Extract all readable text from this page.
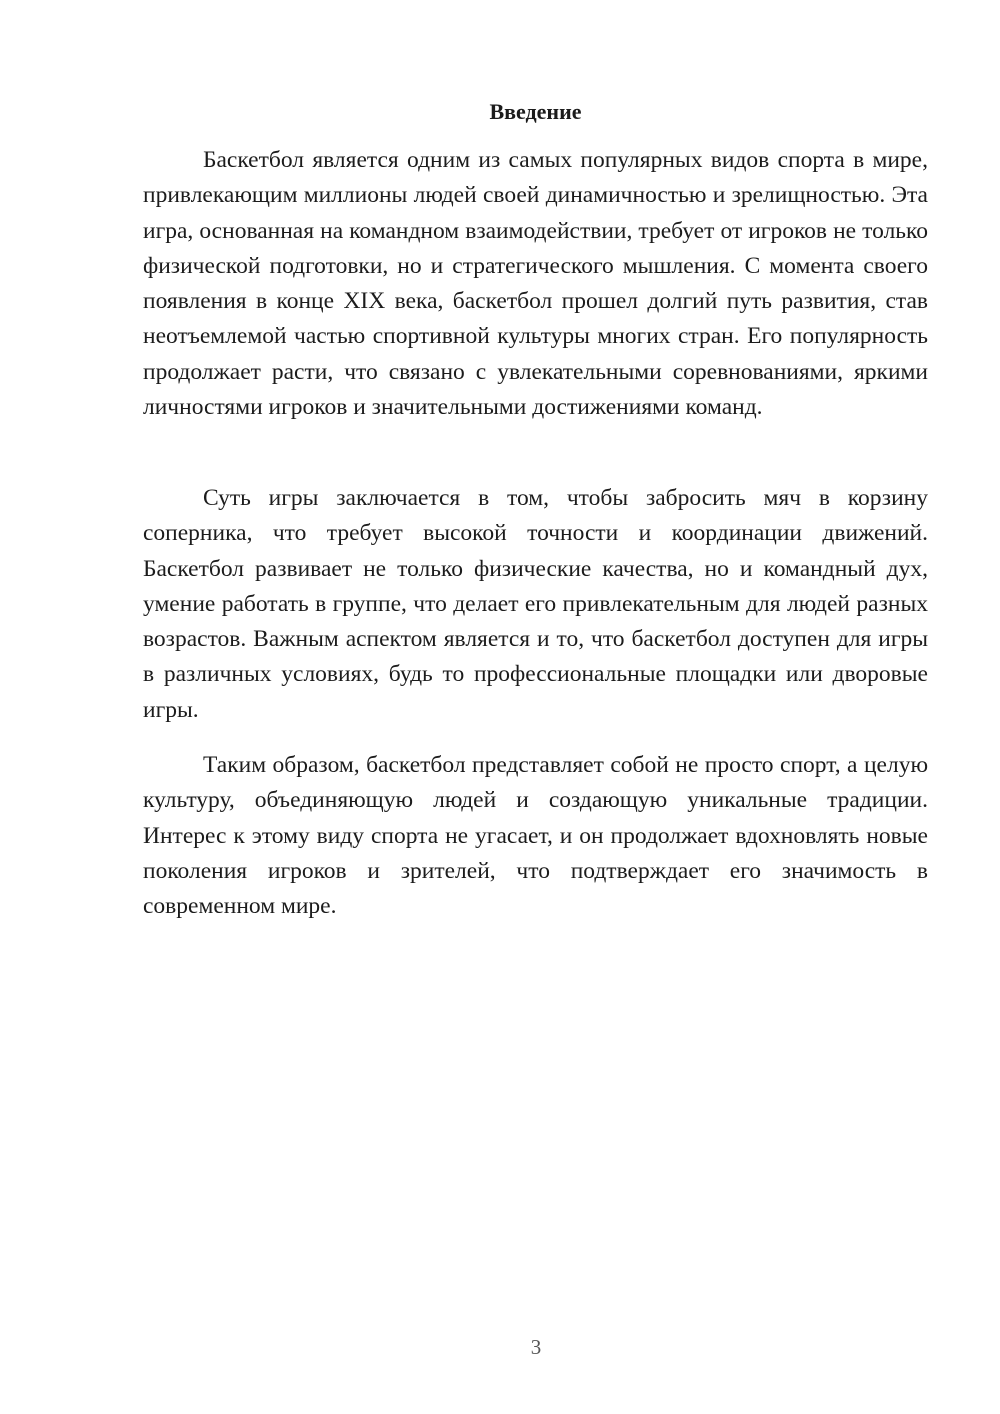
Введение

Баскетбол является одним из самых популярных видов спорта в мире, привлекающим миллионы людей своей динамичностью и зрелищностью. Эта игра, основанная на командном взаимодействии, требует от игроков не только физической подготовки, но и стратегического мышления. С момента своего появления в конце XIX века, баскетбол прошел долгий путь развития, став неотъемлемой частью спортивной культуры многих стран. Его популярность продолжает расти, что связано с увлекательными соревнованиями, яркими личностями игроков и значительными достижениями команд.

Суть игры заключается в том, чтобы забросить мяч в корзину соперника, что требует высокой точности и координации движений. Баскетбол развивает не только физические качества, но и командный дух, умение работать в группе, что делает его привлекательным для людей разных возрастов. Важным аспектом является и то, что баскетбол доступен для игры в различных условиях, будь то профессиональные площадки или дворовые игры.

Таким образом, баскетбол представляет собой не просто спорт, а целую культуру, объединяющую людей и создающую уникальные традиции. Интерес к этому виду спорта не угасает, и он продолжает вдохновлять новые поколения игроков и зрителей, что подтверждает его значимость в современном мире.

3
